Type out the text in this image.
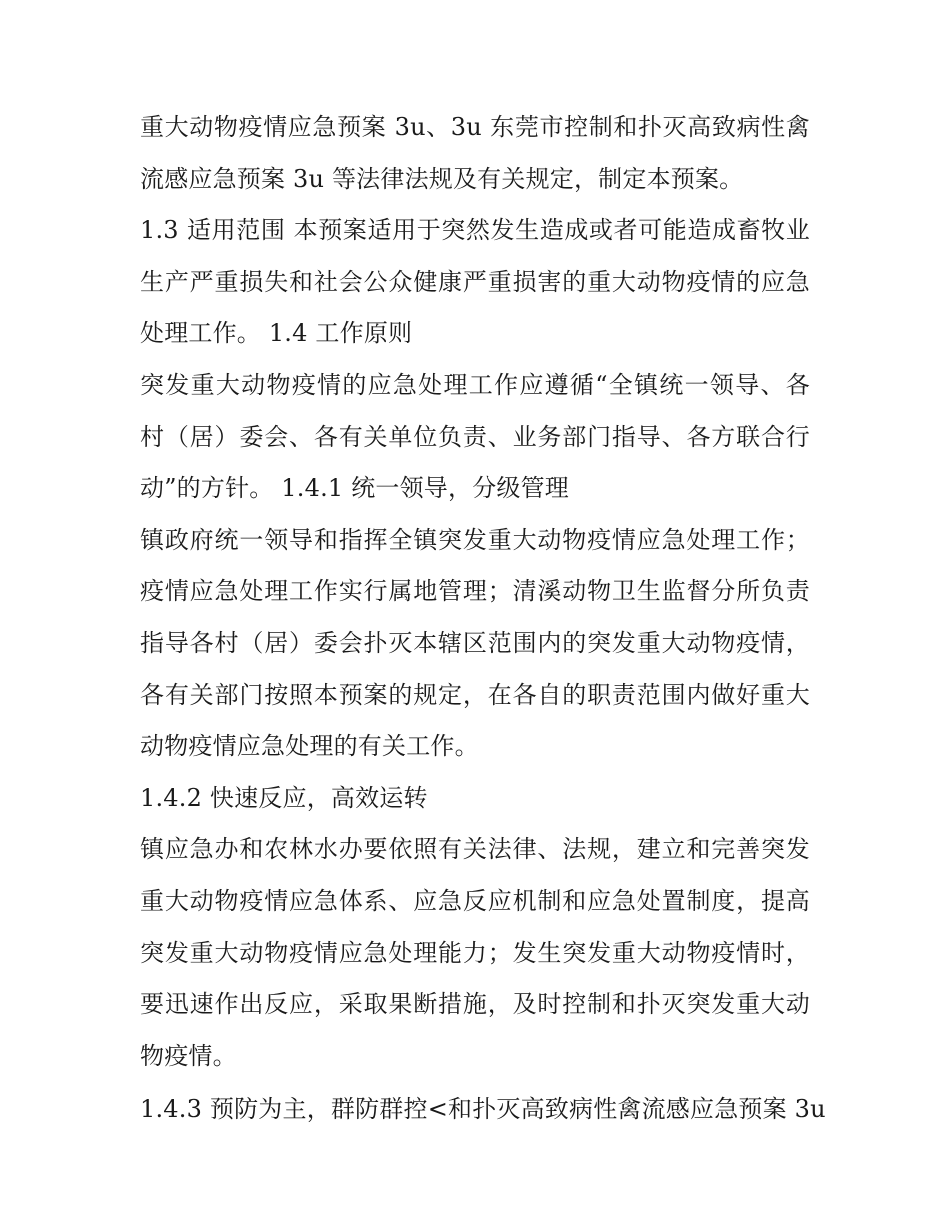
重大动物疫情应急预案 3u、3u 东莞市控制和扑灭高致病性禽
流感应急预案 3u 等法律法规及有关规定，制定本预案。
1.3 适用范围 本预案适用于突然发生造成或者可能造成畜牧业
生产严重损失和社会公众健康严重损害的重大动物疫情的应急
处理工作。 1.4 工作原则
突发重大动物疫情的应急处理工作应遵循“全镇统一领导、各
村（居）委会、各有关单位负责、业务部门指导、各方联合行
动”的方针。 1.4.1 统一领导，分级管理
镇政府统一领导和指挥全镇突发重大动物疫情应急处理工作；
疫情应急处理工作实行属地管理；清溪动物卫生监督分所负责
指导各村（居）委会扑灭本辖区范围内的突发重大动物疫情，
各有关部门按照本预案的规定，在各自的职责范围内做好重大
动物疫情应急处理的有关工作。
1.4.2 快速反应，高效运转
镇应急办和农林水办要依照有关法律、法规，建立和完善突发
重大动物疫情应急体系、应急反应机制和应急处置制度，提高
突发重大动物疫情应急处理能力；发生突发重大动物疫情时，
要迅速作出反应，采取果断措施，及时控制和扑灭突发重大动
物疫情。
1.4.3 预防为主，群防群控<和扑灭高致病性禽流感应急预案 3u
